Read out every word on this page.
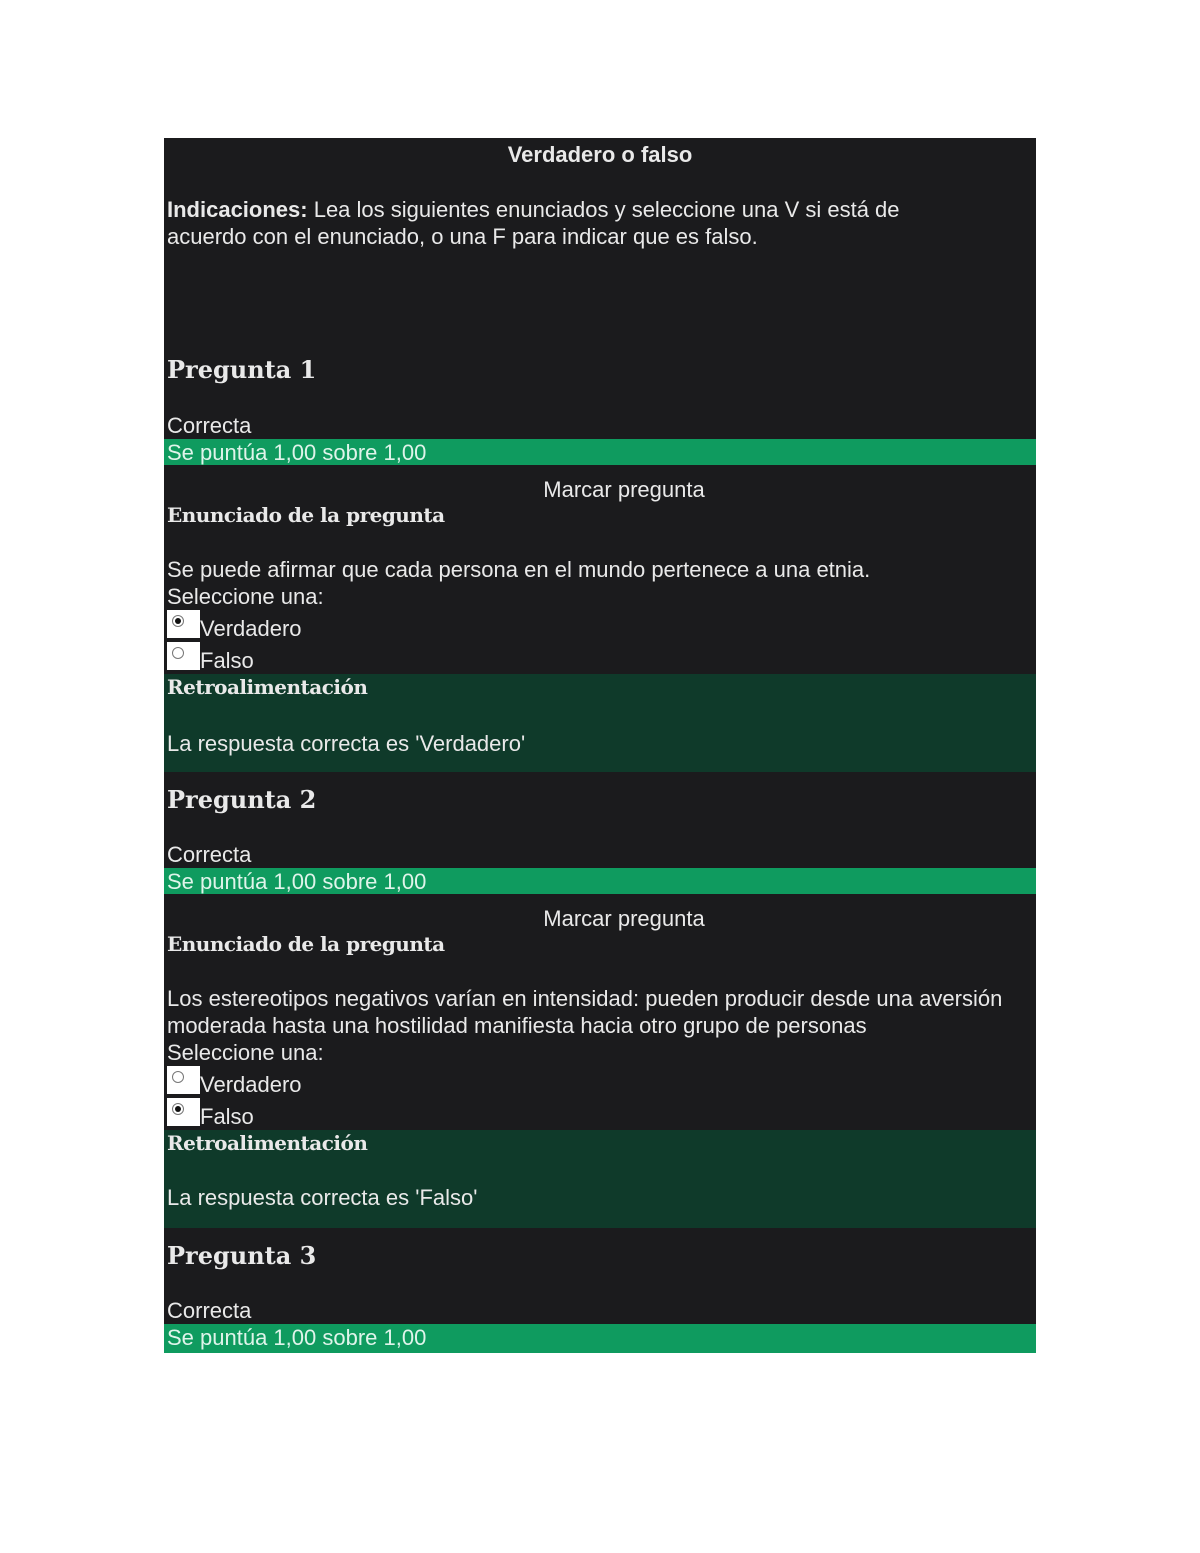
Verdadero o falso
Indicaciones: Lea los siguientes enunciados y seleccione una V si está de acuerdo con el enunciado, o una F para indicar que es falso.
Pregunta 1
Correcta
Se puntúa 1,00 sobre 1,00
Marcar pregunta
Enunciado de la pregunta
Se puede afirmar que cada persona en el mundo pertenece a una etnia.
Seleccione una:
Verdadero
Falso
Retroalimentación
La respuesta correcta es 'Verdadero'
Pregunta 2
Correcta
Se puntúa 1,00 sobre 1,00
Marcar pregunta
Enunciado de la pregunta
Los estereotipos negativos varían en intensidad: pueden producir desde una aversión moderada hasta una hostilidad manifiesta hacia otro grupo de personas
Seleccione una:
Verdadero
Falso
Retroalimentación
La respuesta correcta es 'Falso'
Pregunta 3
Correcta
Se puntúa 1,00 sobre 1,00
